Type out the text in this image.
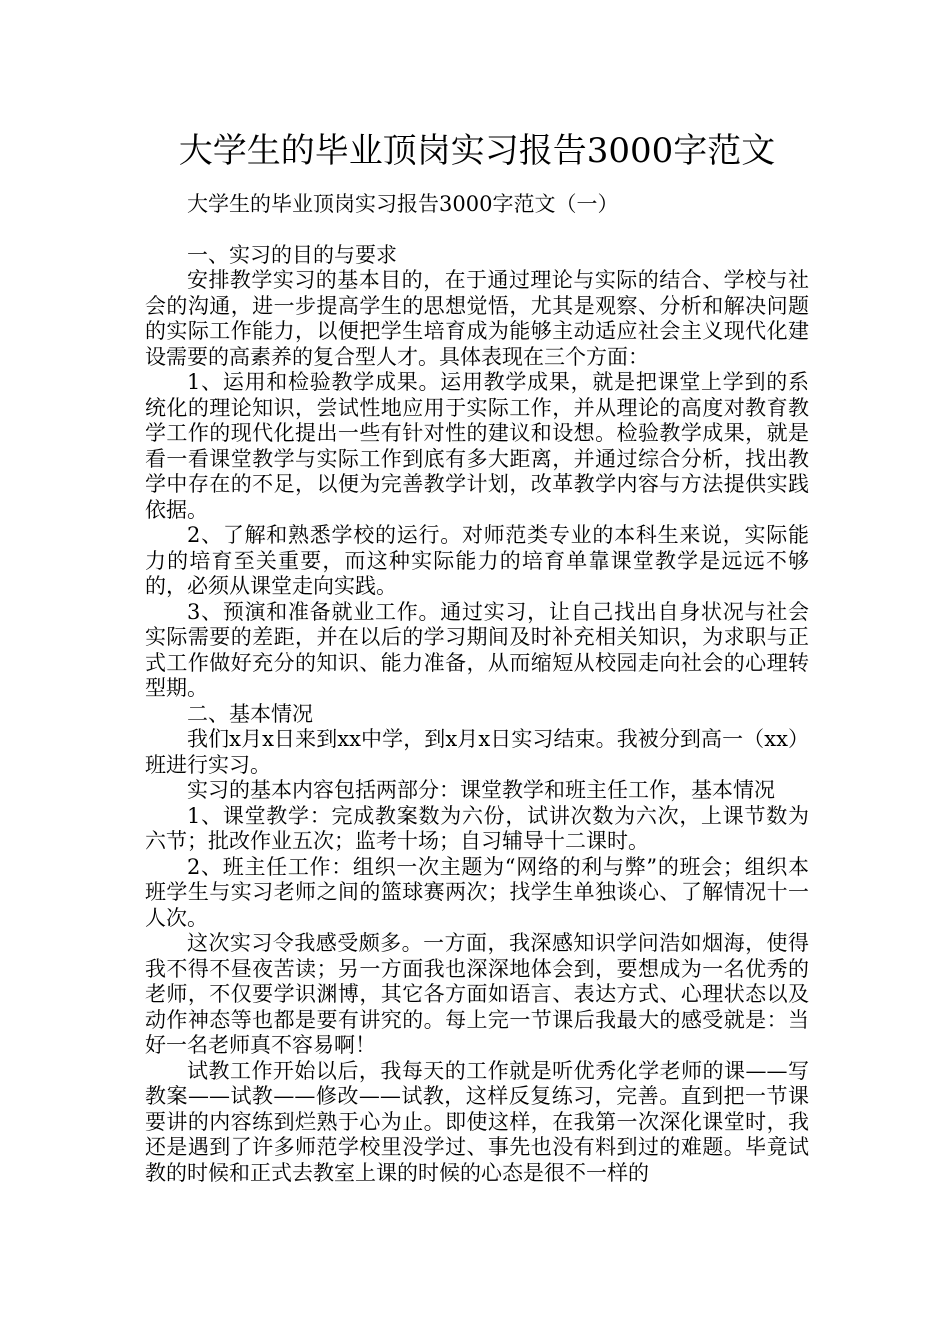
大学生的毕业顶岗实习报告3000字范文

大学生的毕业顶岗实习报告3000字范文（一）

一、实习的目的与要求

安排教学实习的基本目的，在于通过理论与实际的结合、学校与社会的沟通，进一步提高学生的思想觉悟，尤其是观察、分析和解决问题的实际工作能力，以便把学生培育成为能够主动适应社会主义现代化建设需要的高素养的复合型人才。具体表现在三个方面：

1、运用和检验教学成果。运用教学成果，就是把课堂上学到的系统化的理论知识，尝试性地应用于实际工作，并从理论的高度对教育教学工作的现代化提出一些有针对性的建议和设想。检验教学成果，就是看一看课堂教学与实际工作到底有多大距离，并通过综合分析，找出教学中存在的不足，以便为完善教学计划，改革教学内容与方法提供实践依据。

2、了解和熟悉学校的运行。对师范类专业的本科生来说，实际能力的培育至关重要，而这种实际能力的培育单靠课堂教学是远远不够的，必须从课堂走向实践。

3、预演和准备就业工作。通过实习，让自己找出自身状况与社会实际需要的差距，并在以后的学习期间及时补充相关知识，为求职与正式工作做好充分的知识、能力准备，从而缩短从校园走向社会的心理转型期。

二、基本情况

我们x月x日来到xx中学，到x月x日实习结束。我被分到高一（xx）班进行实习。

实习的基本内容包括两部分：课堂教学和班主任工作，基本情况

1、课堂教学：完成教案数为六份，试讲次数为六次，上课节数为六节；批改作业五次；监考十场；自习辅导十二课时。

2、班主任工作：组织一次主题为“网络的利与弊”的班会；组织本班学生与实习老师之间的篮球赛两次；找学生单独谈心、了解情况十一人次。

这次实习令我感受颇多。一方面，我深感知识学问浩如烟海，使得我不得不昼夜苦读；另一方面我也深深地体会到，要想成为一名优秀的老师，不仅要学识渊博，其它各方面如语言、表达方式、心理状态以及动作神态等也都是要有讲究的。每上完一节课后我最大的感受就是：当好一名老师真不容易啊！

试教工作开始以后，我每天的工作就是听优秀化学老师的课——写教案——试教——修改——试教，这样反复练习，完善。直到把一节课要讲的内容练到烂熟于心为止。即使这样，在我第一次深化课堂时，我还是遇到了许多师范学校里没学过、事先也没有料到过的难题。毕竟试教的时候和正式去教室上课的时候的心态是很不一样的
